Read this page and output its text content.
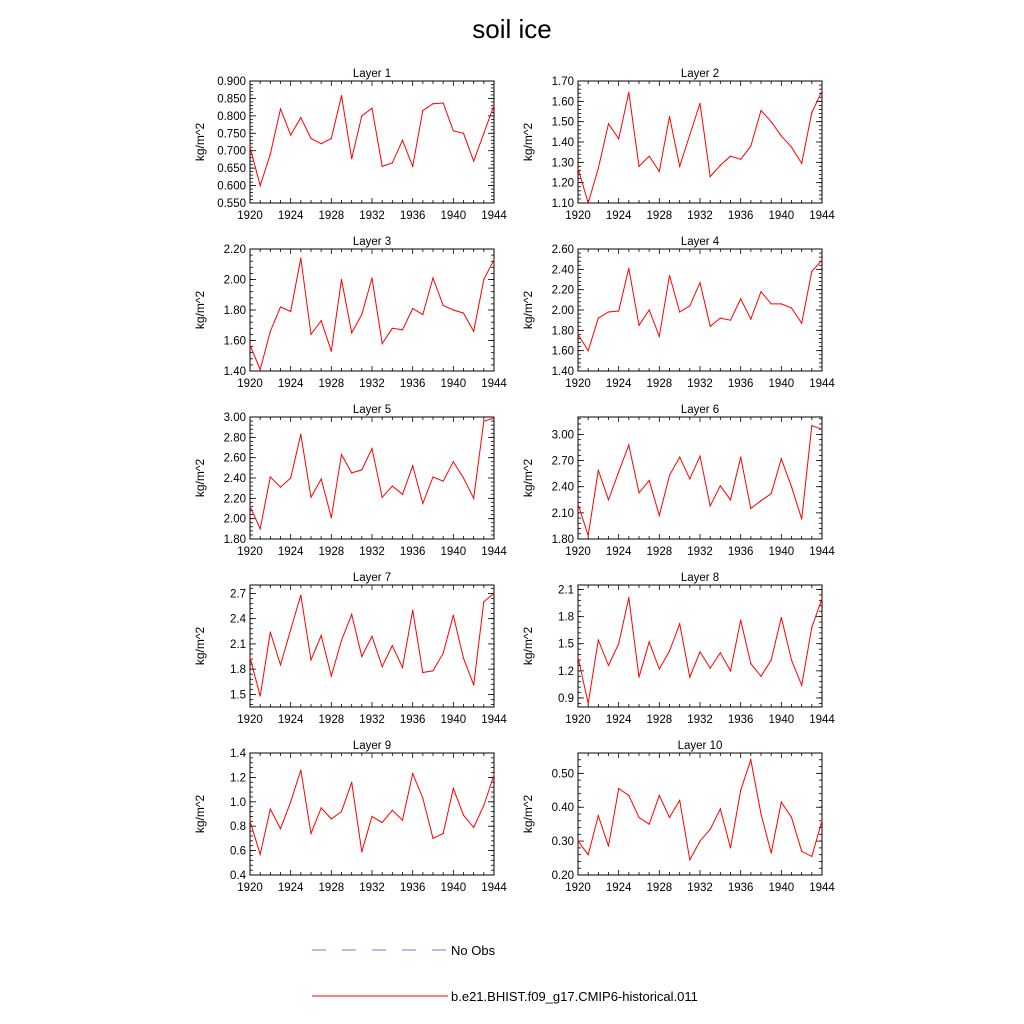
soil ice
Layer 1
kg/m^2
1920 1924 1928 1932 1936 1940 1944
0.550
0.600
0.650
0.700
0.750
0.800
0.850
0.900
Layer 2
kg/m^2
1920 1924 1928 1932 1936 1940 1944
1.10
1.20
1.30
1.40
1.50
1.60
1.70
Layer 3
kg/m^2
1920 1924 1928 1932 1936 1940 1944
1.40
1.60
1.80
2.00
2.20
Layer 4
kg/m^2
1920 1924 1928 1932 1936 1940 1944
1.40
1.60
1.80
2.00
2.20
2.40
2.60
Layer 5
kg/m^2
1920 1924 1928 1932 1936 1940 1944
1.80
2.00
2.20
2.40
2.60
2.80
3.00
Layer 6
kg/m^2
1920 1924 1928 1932 1936 1940 1944
1.80
2.10
2.40
2.70
3.00
Layer 7
kg/m^2
1920 1924 1928 1932 1936 1940 1944
1.5
1.8
2.1
2.4
2.7
Layer 8
kg/m^2
1920 1924 1928 1932 1936 1940 1944
0.9
1.2
1.5
1.8
2.1
Layer 9
kg/m^2
1920 1924 1928 1932 1936 1940 1944
0.4
0.6
0.8
1.0
1.2
1.4
Layer 10
kg/m^2
1920 1924 1928 1932 1936 1940 1944
0.20
0.30
0.40
0.50
No Obs
b.e21.BHIST.f09_g17.CMIP6-historical.011
